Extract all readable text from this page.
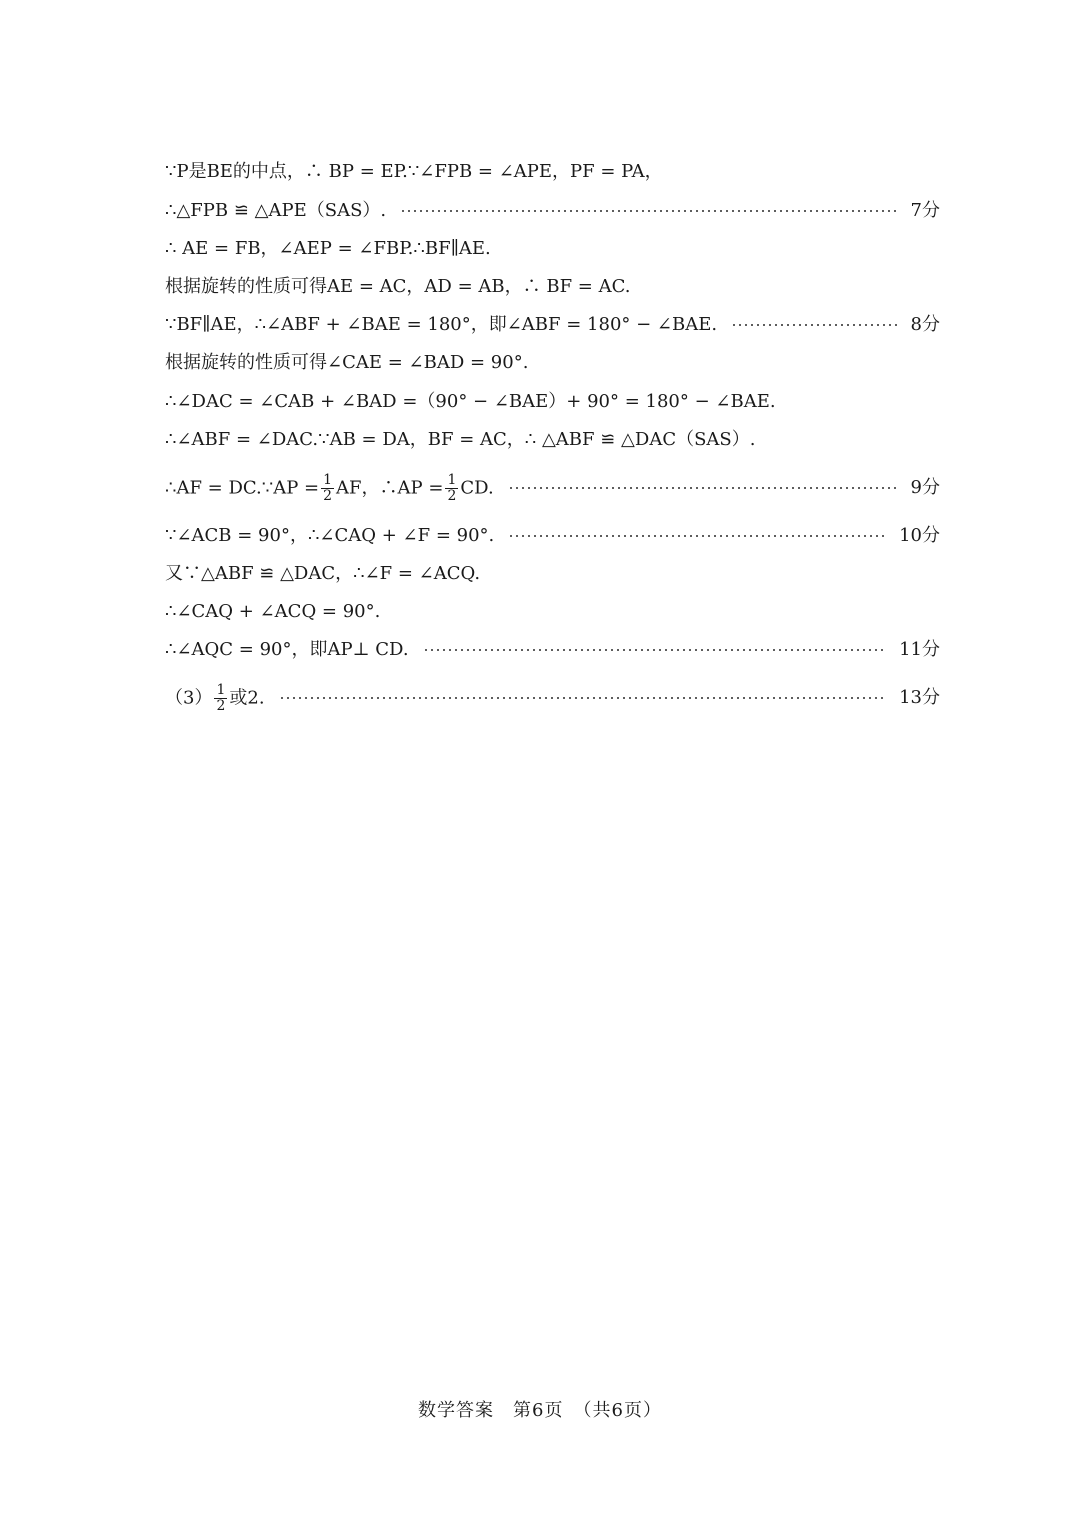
∵P是BE的中点，∴ BP = EP.∵∠FPB = ∠APE，PF = PA，
∴△FPB ≌ △APE（SAS）.	7分
∴ AE = FB，∠AEP = ∠FBP.∴BF∥AE.
根据旋转的性质可得AE = AC，AD = AB，∴ BF = AC.
∵BF∥AE，∴∠ABF + ∠BAE = 180°，即∠ABF = 180° − ∠BAE.	8分
根据旋转的性质可得∠CAE = ∠BAD = 90°.
∴∠DAC = ∠CAB + ∠BAD =（90° − ∠BAE）+ 90° = 180° − ∠BAE.
∴∠ABF = ∠DAC.∵AB = DA，BF = AC，∴ △ABF ≌ △DAC（SAS）.
∴AF = DC.∵AP = $\frac{1}{2}$ AF，∴AP = $\frac{1}{2}$ CD.	9分
∵∠ACB = 90°，∴∠CAQ + ∠F = 90°.	10分
又∵△ABF ≌ △DAC，∴∠F = ∠ACQ.
∴∠CAQ + ∠ACQ = 90°.
∴∠AQC = 90°，即AP⊥ CD.	11分
$(3) \frac{1}{2}$ 或2.	13分
数学答案　第6页　（共6页）
